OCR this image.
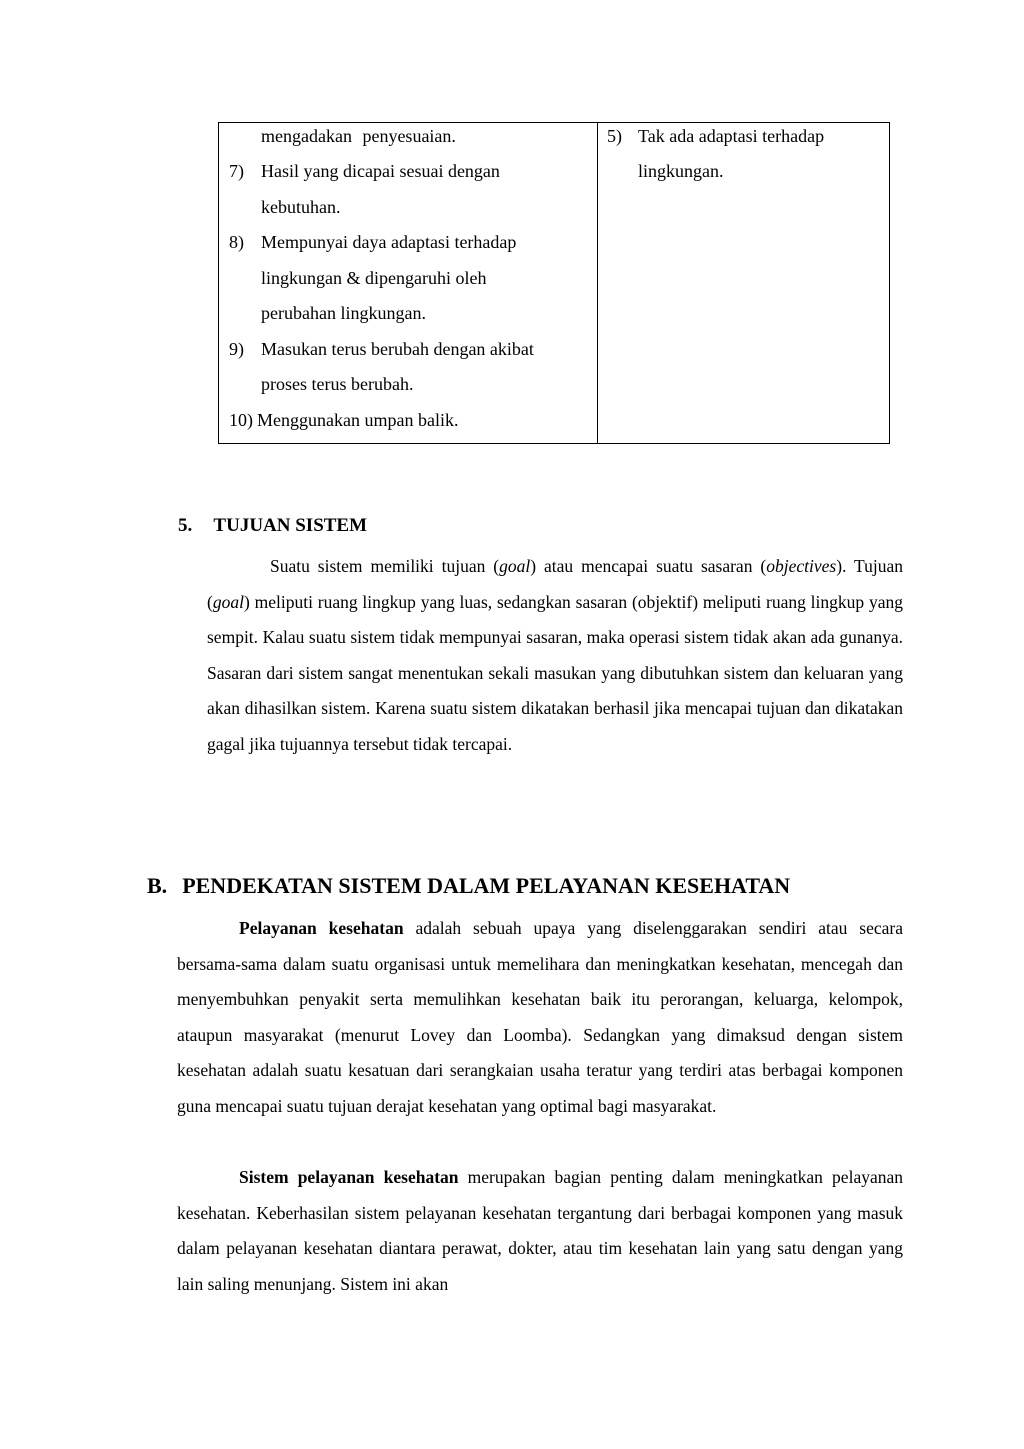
mengadakan penyesuaian.
7) Hasil yang dicapai sesuai dengan
kebutuhan.
8) Mempunyai daya adaptasi terhadap
lingkungan & dipengaruhi oleh
perubahan lingkungan.
9) Masukan terus berubah dengan akibat
proses terus berubah.
10) Menggunakan umpan balik.
5) Tak ada adaptasi terhadap
lingkungan.
5. TUJUAN SISTEM

Suatu sistem memiliki tujuan (goal) atau mencapai suatu sasaran (objectives). Tujuan (goal) meliputi ruang lingkup yang luas, sedangkan sasaran (objektif) meliputi ruang lingkup yang sempit. Kalau suatu sistem tidak mempunyai sasaran, maka operasi sistem tidak akan ada gunanya. Sasaran dari sistem sangat menentukan sekali masukan yang dibutuhkan sistem dan keluaran yang akan dihasilkan sistem. Karena suatu sistem dikatakan berhasil jika mencapai tujuan dan dikatakan gagal jika tujuannya tersebut tidak tercapai.

B. PENDEKATAN SISTEM DALAM PELAYANAN KESEHATAN

Pelayanan kesehatan adalah sebuah upaya yang diselenggarakan sendiri atau secara bersama-sama dalam suatu organisasi untuk memelihara dan meningkatkan kesehatan, mencegah dan menyembuhkan penyakit serta memulihkan kesehatan baik itu perorangan, keluarga, kelompok, ataupun masyarakat (menurut Lovey dan Loomba). Sedangkan yang dimaksud dengan sistem kesehatan adalah suatu kesatuan dari serangkaian usaha teratur yang terdiri atas berbagai komponen guna mencapai suatu tujuan derajat kesehatan yang optimal bagi masyarakat.

Sistem pelayanan kesehatan merupakan bagian penting dalam meningkatkan pelayanan kesehatan. Keberhasilan sistem pelayanan kesehatan tergantung dari berbagai komponen yang masuk dalam pelayanan kesehatan diantara perawat, dokter, atau tim kesehatan lain yang satu dengan yang lain saling menunjang. Sistem ini akan
